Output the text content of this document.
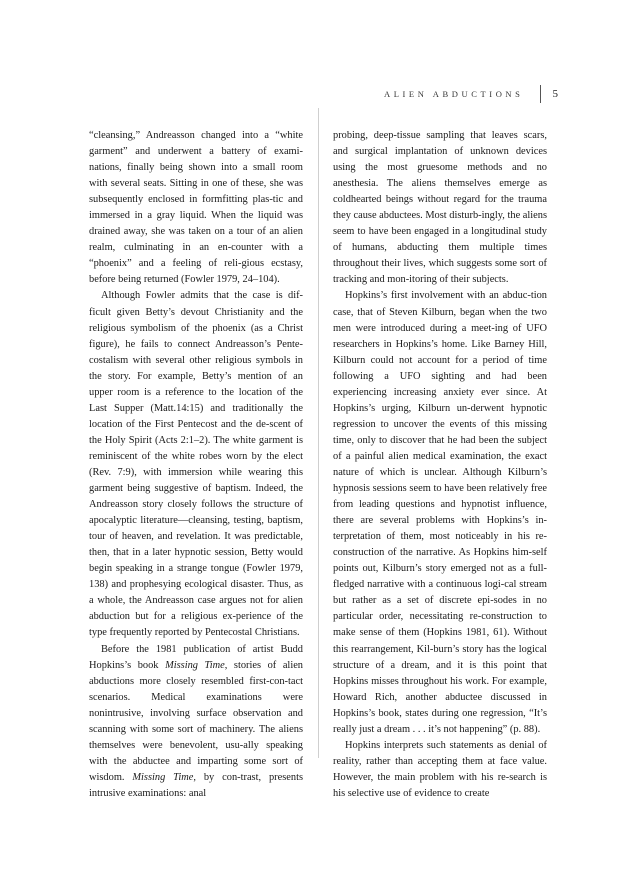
ALIEN ABDUCTIONS	5

“cleansing,” Andreasson changed into a “white garment” and underwent a battery of exami-nations, finally being shown into a small room with several seats. Sitting in one of these, she was subsequently enclosed in formfitting plas-tic and immersed in a gray liquid. When the liquid was drained away, she was taken on a tour of an alien realm, culminating in an en-counter with a “phoenix” and a feeling of reli-gious ecstasy, before being returned (Fowler 1979, 24–104).

Although Fowler admits that the case is dif-ficult given Betty’s devout Christianity and the religious symbolism of the phoenix (as a Christ figure), he fails to connect Andreasson’s Pente-costalism with several other religious symbols in the story. For example, Betty’s mention of an upper room is a reference to the location of the Last Supper (Matt.14:15) and traditionally the location of the First Pentecost and the de-scent of the Holy Spirit (Acts 2:1–2). The white garment is reminiscent of the white robes worn by the elect (Rev. 7:9), with immersion while wearing this garment being suggestive of baptism. Indeed, the Andreasson story closely follows the structure of apocalyptic literature—cleansing, testing, baptism, tour of heaven, and revelation. It was predictable, then, that in a later hypnotic session, Betty would begin speaking in a strange tongue (Fowler 1979, 138) and prophesying ecological disaster. Thus, as a whole, the Andreasson case argues not for alien abduction but for a religious ex-perience of the type frequently reported by Pentecostal Christians.

Before the 1981 publication of artist Budd Hopkins’s book Missing Time, stories of alien abductions more closely resembled first-con-tact scenarios. Medical examinations were nonintrusive, involving surface observation and scanning with some sort of machinery. The aliens themselves were benevolent, usu-ally speaking with the abductee and imparting some sort of wisdom. Missing Time, by con-trast, presents intrusive examinations: anal

probing, deep-tissue sampling that leaves scars, and surgical implantation of unknown devices using the most gruesome methods and no anesthesia. The aliens themselves emerge as coldhearted beings without regard for the trauma they cause abductees. Most disturb-ingly, the aliens seem to have been engaged in a longitudinal study of humans, abducting them multiple times throughout their lives, which suggests some sort of tracking and mon-itoring of their subjects.

Hopkins’s first involvement with an abduc-tion case, that of Steven Kilburn, began when the two men were introduced during a meet-ing of UFO researchers in Hopkins’s home. Like Barney Hill, Kilburn could not account for a period of time following a UFO sighting and had been experiencing increasing anxiety ever since. At Hopkins’s urging, Kilburn un-derwent hypnotic regression to uncover the events of this missing time, only to discover that he had been the subject of a painful alien medical examination, the exact nature of which is unclear. Although Kilburn’s hypnosis sessions seem to have been relatively free from leading questions and hypnotist influence, there are several problems with Hopkins’s in-terpretation of them, most noticeably in his re-construction of the narrative. As Hopkins him-self points out, Kilburn’s story emerged not as a full-fledged narrative with a continuous logi-cal stream but rather as a set of discrete epi-sodes in no particular order, necessitating re-construction to make sense of them (Hopkins 1981, 61). Without this rearrangement, Kil-burn’s story has the logical structure of a dream, and it is this point that Hopkins misses throughout his work. For example, Howard Rich, another abductee discussed in Hopkins’s book, states during one regression, “It’s really just a dream . . . it’s not happening” (p. 88).

Hopkins interprets such statements as denial of reality, rather than accepting them at face value. However, the main problem with his re-search is his selective use of evidence to create
